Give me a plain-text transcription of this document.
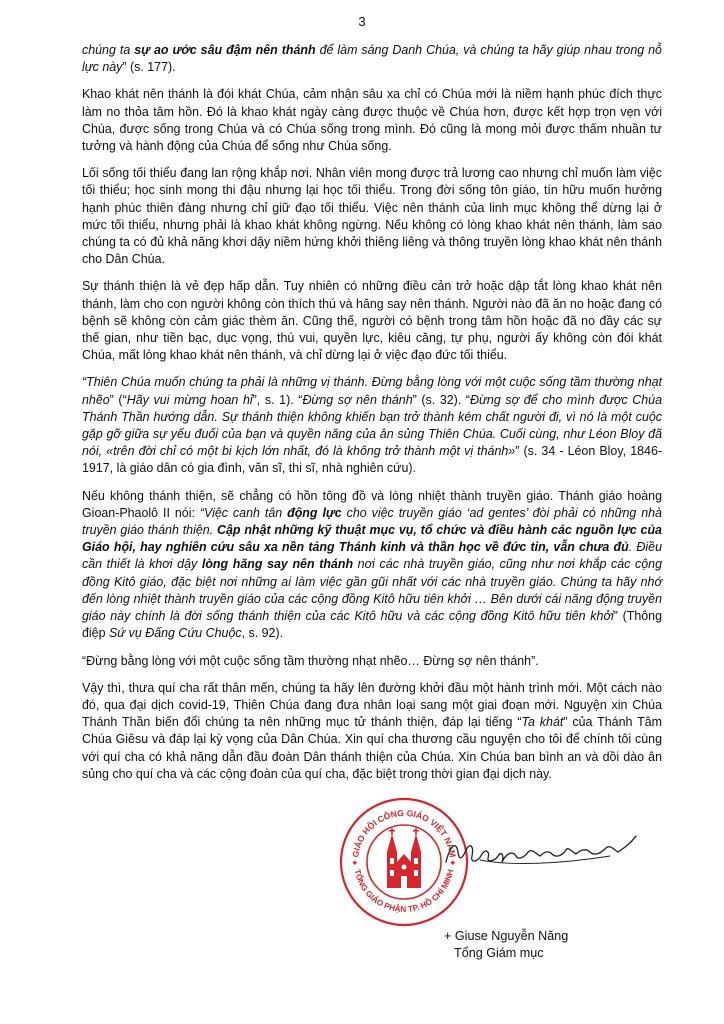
3

chúng ta sự ao ước sâu đậm nên thánh để làm sáng Danh Chúa, và chúng ta hãy giúp nhau trong nỗ lực này” (s. 177).

Khao khát nên thánh là đói khát Chúa, cảm nhận sâu xa chỉ có Chúa mới là niềm hạnh phúc đích thực làm no thỏa tâm hồn. Đó là khao khát ngày càng được thuộc về Chúa hơn, được kết hợp trọn vẹn với Chúa, được sống trong Chúa và có Chúa sống trong mình. Đó cũng là mong mỏi được thấm nhuần tư tưởng và hành động của Chúa để sống như Chúa sống.

Lối sống tối thiểu đang lan rộng khắp nơi. Nhân viên mong được trả lương cao nhưng chỉ muốn làm việc tối thiểu; học sinh mong thi đậu nhưng lại học tối thiểu. Trong đời sống tôn giáo, tín hữu muốn hưởng hạnh phúc thiên đàng nhưng chỉ giữ đạo tối thiểu. Việc nên thánh của linh mục không thể dừng lại ở mức tối thiểu, nhưng phải là khao khát không ngừng. Nếu không có lòng khao khát nên thánh, làm sao chúng ta có đủ khả năng khơi dậy niềm hứng khởi thiêng liêng và thông truyền lòng khao khát nên thánh cho Dân Chúa.

Sự thánh thiện là vẻ đẹp hấp dẫn. Tuy nhiên có những điều cản trở hoặc dập tắt lòng khao khát nên thánh, làm cho con người không còn thích thú và hăng say nên thánh. Người nào đã ăn no hoặc đang có bệnh sẽ không còn cảm giác thèm ăn. Cũng thế, người có bệnh trong tâm hồn hoặc đã no đầy các sự thế gian, như tiền bạc, dục vọng, thú vui, quyền lực, kiêu căng, tự phụ, người ấy không còn đói khát Chúa, mất lòng khao khát nên thánh, và chỉ dừng lại ở việc đạo đức tối thiểu.

“Thiên Chúa muốn chúng ta phải là những vị thánh. Đừng bằng lòng với một cuộc sống tầm thường nhạt nhẽo” (“Hãy vui mừng hoan hỉ”, s. 1). “Đừng sợ nên thánh” (s. 32). “Đừng sợ để cho mình được Chúa Thánh Thần hướng dẫn. Sự thánh thiện không khiến bạn trở thành kém chất người đi, vì nó là một cuộc gặp gỡ giữa sự yếu đuối của bạn và quyền năng của ân sủng Thiên Chúa. Cuối cùng, như Léon Bloy đã nói, «trên đời chỉ có một bi kịch lớn nhất, đó là không trở thành một vị thánh»” (s. 34 - Léon Bloy, 1846-1917, là giáo dân có gia đình, văn sĩ, thi sĩ, nhà nghiên cứu).

Nếu không thánh thiện, sẽ chẳng có hồn tông đồ và lòng nhiệt thành truyền giáo. Thánh giáo hoàng Gioan-Phaolô II nói: “Việc canh tân động lực cho việc truyền giáo ‘ad gentes’ đòi phải có những nhà truyền giáo thánh thiện. Cập nhật những kỹ thuật mục vụ, tổ chức và điều hành các nguồn lực của Giáo hội, hay nghiên cứu sâu xa nền tảng Thánh kinh và thần học về đức tin, vẫn chưa đủ. Điều cần thiết là khơi dậy lòng hăng say nên thánh nơi các nhà truyền giáo, cũng như nơi khắp các cộng đồng Kitô giáo, đặc biệt nơi những ai làm việc gần gũi nhất với các nhà truyền giáo. Chúng ta hãy nhớ đến lòng nhiệt thành truyền giáo của các cộng đồng Kitô hữu tiên khởi … Bên dưới cái năng động truyền giáo này chính là đời sống thánh thiện của các Kitô hữu và các cộng đồng Kitô hữu tiên khởi” (Thông điệp Sứ vụ Đấng Cứu Chuộc, s. 92).

“Đừng bằng lòng với một cuộc sống tầm thường nhạt nhẽo… Đừng sợ nên thánh”.

Vậy thì, thưa quí cha rất thân mến, chúng ta hãy lên đường khởi đầu một hành trình mới. Một cách nào đó, qua đại dịch covid-19, Thiên Chúa đang đưa nhân loại sang một giai đoạn mới. Nguyện xin Chúa Thánh Thần biến đổi chúng ta nên những mục tử thánh thiện, đáp lại tiếng “Ta khát” của Thánh Tâm Chúa Giêsu và đáp lại kỳ vọng của Dân Chúa. Xin quí cha thương cầu nguyện cho tôi để chính tôi cùng với quí cha có khả năng dẫn đầu đoàn Dân thánh thiện của Chúa. Xin Chúa ban bình an và dồi dào ân sủng cho quí cha và các cộng đoàn của quí cha, đặc biệt trong thời gian đại dịch này.

GIÁO HỘI CÔNG GIÁO VIỆT NAM
TỔNG GIÁO PHẬN TP. HỒ CHÍ MINH
✦	✦
+ Giuse Nguyễn Năng
Tổng Giám mục
